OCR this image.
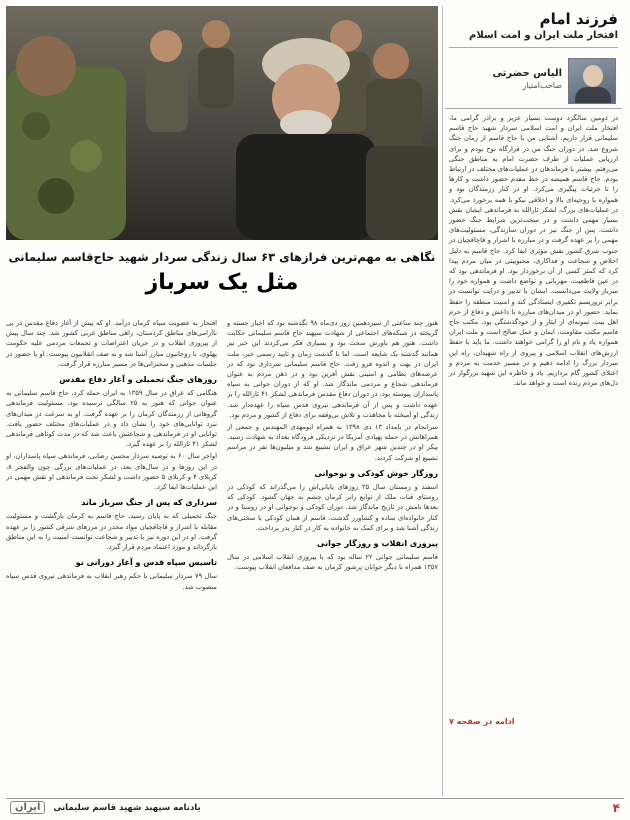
فرزند امام
افتخار ملت ایران و امت اسلام
الیاس حضرتی
صاحب‌امتیاز
در دومین سالگرد دوست بسیار عزیز و برادر گرامی ما، افتخار ملت ایران و امت اسلامی سردار شهید حاج قاسم سلیمانی قرار داریم. آشنایی من با حاج قاسم از زمان جنگ شروع شد. در دوران جنگ من در قرارگاه نوح بودم و برای ارزیابی عملیات از طرف حضرت امام به مناطق جنگی می‌رفتم. بیشتر با فرماندهان در عملیات‌های مختلف در ارتباط بودم. حاج قاسم همیشه در خط مقدم حضور داشت و کارها را تا جزئیات پیگیری می‌کرد. او در کنار رزمندگان بود و همواره با روحیه‌ای بالا و اخلاقی نیکو با همه برخورد می‌کرد. در عملیات‌های بزرگ، لشکر ثارالله به فرماندهی ایشان نقش بسیار مهمی داشت و در سخت‌ترین شرایط جنگ حضور داشت. پس از جنگ نیز در دوران سازندگی، مسئولیت‌های مهمی را بر عهده گرفت و در مبارزه با اشرار و قاچاقچیان در جنوب شرق کشور نقش مؤثری ایفا کرد. حاج قاسم به دلیل اخلاص و شجاعت و فداکاری، محبوبیتی در میان مردم پیدا کرد که کمتر کسی از آن برخوردار بود. او فرماندهی بود که در عین قاطعیت، مهربانی و تواضع داشت و همواره خود را سرباز ولایت می‌دانست. ایشان با تدبیر و درایت توانست در برابر تروریسم تکفیری ایستادگی کند و امنیت منطقه را حفظ نماید. حضور او در میدان‌های مبارزه با داعش و دفاع از حرم اهل بیت، نمونه‌ای از ایثار و از خودگذشتگی بود. مکتب حاج قاسم مکتب مقاومت، ایمان و عمل صالح است و ملت ایران همواره یاد و نام او را گرامی خواهند داشت. ما باید با حفظ ارزش‌های انقلاب اسلامی و پیروی از راه شهیدان، راه این سردار بزرگ را ادامه دهیم و در مسیر خدمت به مردم و اعتلای کشور گام برداریم. یاد و خاطره این شهید بزرگوار در دل‌های مردم زنده است و خواهد ماند.
ادامه در صفحه ۷
نگاهی به مهم‌ترین فرازهای ۶۳ سال زندگی سردار شهید حاج‌قاسم سلیمانی
مثل یک سرباز
هنوز چند ساعتی از سیزدهمین روز دی‌ماه ۹۸ نگذشته بود که اخبار جسته و گریخته در شبکه‌های اجتماعی از شهادت سپهبد حاج قاسم سلیمانی حکایت داشت. هنوز هم باورش سخت بود و بسیاری فکر می‌کردند این خبر نیز همانند گذشته یک شایعه است. اما با گذشت زمان و تایید رسمی خبر، ملت ایران در بهت و اندوه فرو رفت. حاج قاسم سلیمانی سرداری بود که در عرصه‌های نظامی و امنیتی نقش آفرین بود و در ذهن مردم به عنوان فرماندهی شجاع و مردمی ماندگار شد. او که از دوران جوانی به سپاه پاسداران پیوسته بود، در دوران دفاع مقدس فرماندهی لشکر ۴۱ ثارالله را بر عهده داشت و پس از آن فرماندهی نیروی قدس سپاه را عهده‌دار شد. زندگی او آمیخته با مجاهدت و تلاش بی‌وقفه برای دفاع از کشور و مردم بود.
سرانجام در بامداد ۱۳ دی ۱۳۹۸ به همراه ابومهدی المهندس و جمعی از همراهانش در حمله پهپادی آمریکا در نزدیکی فرودگاه بغداد به شهادت رسید. پیکر او در چندین شهر عراق و ایران تشییع شد و میلیون‌ها نفر در مراسم تشییع او شرکت کردند.
روزگار خوش کودکی و نوجوانی
اسفند و زمستان سال ۳۵ روزهای پایانی‌اش را می‌گذراند که کودکی در روستای قنات ملک از توابع رابر کرمان چشم به جهان گشود. کودکی که بعدها نامش در تاریخ ماندگار شد. دوران کودکی و نوجوانی او در روستا و در کنار خانواده‌ای ساده و کشاورز گذشت. قاسم از همان کودکی با سختی‌های زندگی آشنا شد و برای کمک به خانواده به کار در کنار پدر پرداخت.
پیروزی انقلاب و روزگار جوانی
قاسم سلیمانی جوانی ۲۲ ساله بود که با پیروزی انقلاب اسلامی در سال ۱۳۵۷ همراه با دیگر جوانان پرشور کرمان به صف مدافعان انقلاب پیوست.
افتخار به عضویت سپاه کرمان درآمد. او که پیش از آغاز دفاع مقدس در پی ناآرامی‌های مناطق کردستان، راهی مناطق غربی کشور شد. چند سال پیش از پیروزی انقلاب و در جریان اعتراضات و تجمعات مردمی علیه حکومت پهلوی، با روحانیون مبارز آشنا شد و به صف انقلابیون پیوست. او با حضور در جلسات مذهبی و سخنرانی‌ها در مسیر مبارزه قرار گرفت.
روزهای جنگ تحمیلی و آغاز دفاع مقدس
هنگامی که عراق در سال ۱۳۵۹ به ایران حمله کرد، حاج قاسم سلیمانی به عنوان جوانی که هنوز به ۲۵ سالگی نرسیده بود، مسئولیت فرماندهی گروهانی از رزمندگان کرمان را بر عهده گرفت. او به سرعت در میدان‌های نبرد توانایی‌های خود را نشان داد و در عملیات‌های مختلف حضور یافت. توانایی او در فرماندهی و شجاعتش باعث شد که در مدت کوتاهی فرماندهی لشکر ۴۱ ثارالله را بر عهده گیرد.
اواخر سال ۶۰ به توصیه سردار محسن رضایی، فرماندهی سپاه پاسداران، او در این روزها و در سال‌های بعد، در عملیات‌های بزرگی چون والفجر ۸، کربلای ۴ و کربلای ۵ حضور داشت و لشکر تحت فرماندهی او نقش مهمی در این عملیات‌ها ایفا کرد.
سرداری که پس از جنگ سرباز ماند
جنگ تحمیلی که به پایان رسید، حاج قاسم به کرمان بازگشت و مسئولیت مقابله با اشرار و قاچاقچیان مواد مخدر در مرزهای شرقی کشور را بر عهده گرفت. او در این دوره نیز با تدبیر و شجاعت توانست امنیت را به این مناطق بازگرداند و مورد اعتماد مردم قرار گیرد.
تاسیس سپاه قدس و آغاز دورانی نو
سال ۷۹ سردار سلیمانی با حکم رهبر انقلاب به فرماندهی نیروی قدس سپاه منصوب شد.
۴
یادنامه سپهبد شهید قاسم سلیمانی
ایران
